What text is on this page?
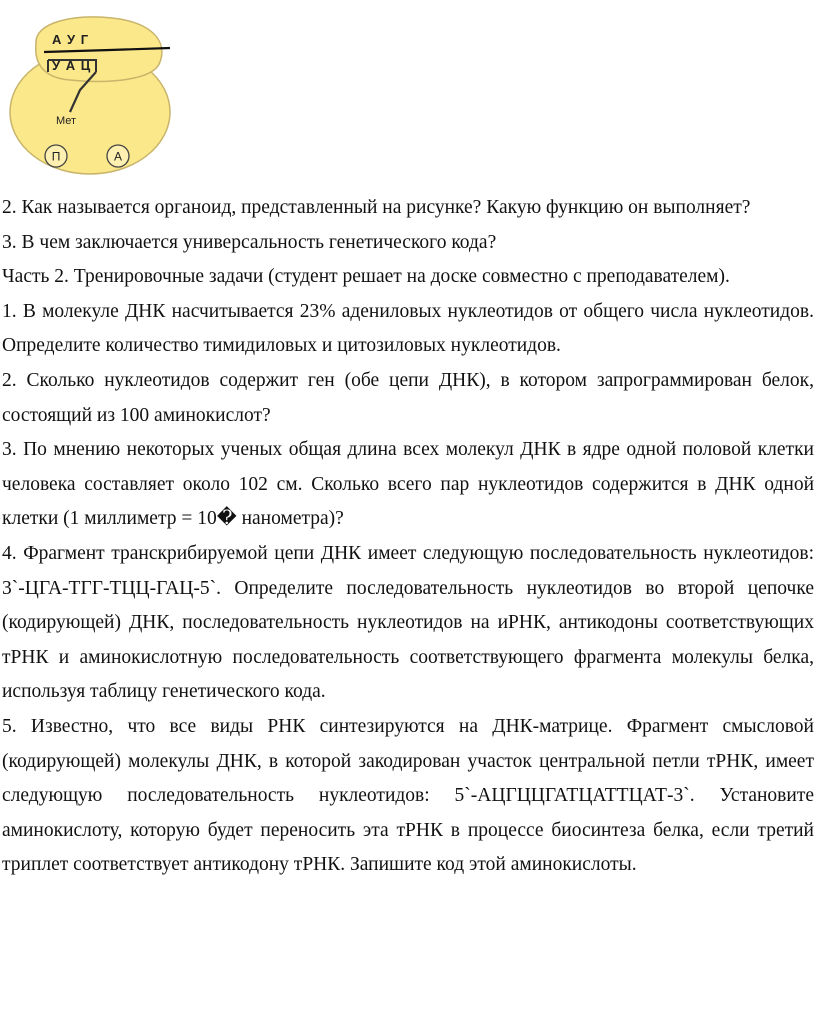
А У Г
У А Ц
Мет
П	А

2. Как называется органоид, представленный на рисунке? Какую функцию он выполняет?

3. В чем заключается универсальность генетического кода?

Часть 2. Тренировочные задачи (студент решает на доске совместно с преподавателем).

1. В молекуле ДНК насчитывается 23% адениловых нуклеотидов от общего числа нуклеотидов. Определите количество тимидиловых и цитозиловых нуклеотидов.

2. Сколько нуклеотидов содержит ген (обе цепи ДНК), в котором запрограммирован белок, состоящий из 100 аминокислот?

3. По мнению некоторых ученых общая длина всех молекул ДНК в ядре одной половой клетки человека составляет около 102 см. Сколько всего пар нуклеотидов содержится в ДНК одной клетки (1 миллиметр = 10� нанометра)?

4. Фрагмент транскрибируемой цепи ДНК имеет следующую последовательность нуклеотидов: 3`-ЦГА-ТГГ-ТЦЦ-ГАЦ-5`. Определите последовательность нуклеотидов во второй цепочке (кодирующей) ДНК, последовательность нуклеотидов на иРНК, антикодоны соответствующих тРНК и аминокислотную последовательность соответствующего фрагмента молекулы белка, используя таблицу генетического кода.

5. Известно, что все виды РНК синтезируются на ДНК-матрице. Фрагмент смысловой (кодирующей) молекулы ДНК, в которой закодирован участок центральной петли тРНК, имеет следующую последовательность нуклеотидов: 5`-АЦГЦЦГАТЦАТТЦАТ-3`. Установите аминокислоту, которую будет переносить эта тРНК в процессе биосинтеза белка, если третий триплет соответствует антикодону тРНК. Запишите код этой аминокислоты.
